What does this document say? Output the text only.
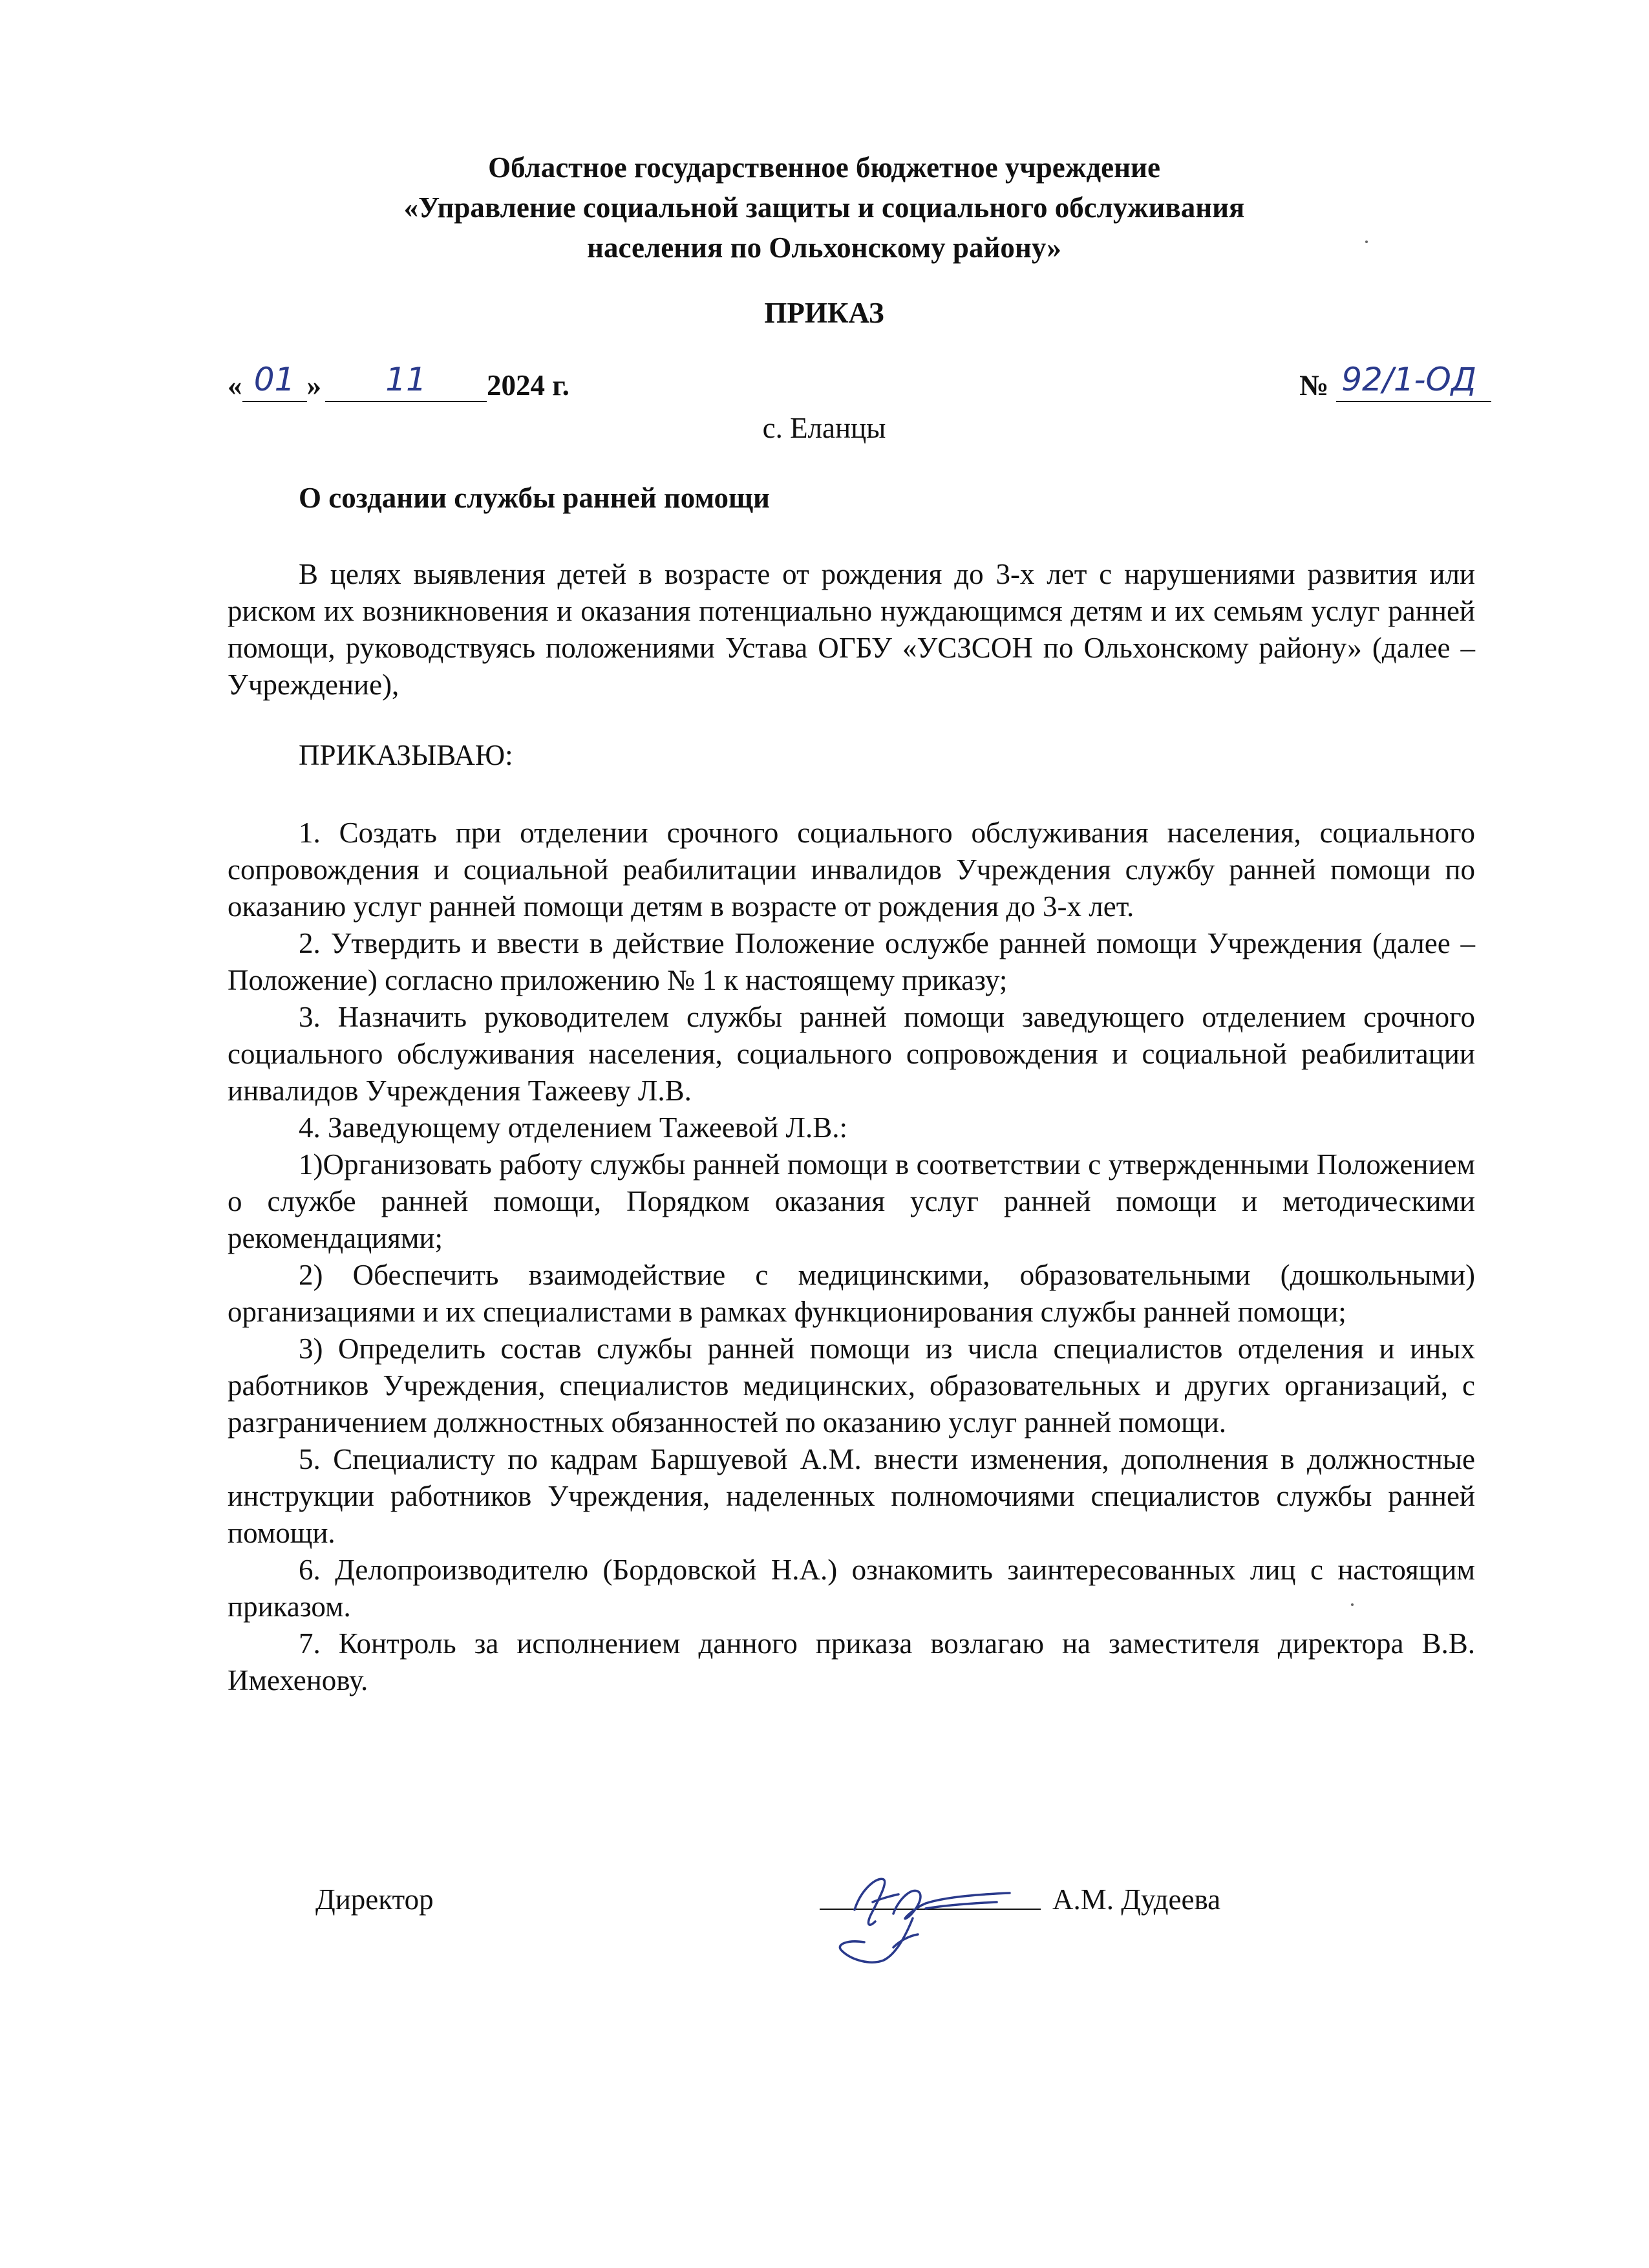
Областное государственное бюджетное учреждение
«Управление социальной защиты и социального обслуживания
населения по Ольхонскому району»
ПРИКАЗ
« 01 »	11	2024 г.	№ 92/1-ОД
с. Еланцы
О создании службы ранней помощи

В целях выявления детей в возрасте от рождения до 3-х лет с нарушениями развития или риском их возникновения и оказания потенциально нуждающимся детям и их семьям услуг ранней помощи, руководствуясь положениями Устава ОГБУ «УСЗСОН по Ольхонскому району» (далее – Учреждение),

ПРИКАЗЫВАЮ:

1. Создать при отделении срочного социального обслуживания населения, социального сопровождения и социальной реабилитации инвалидов Учреждения службу ранней помощи по оказанию услуг ранней помощи детям в возрасте от рождения до 3-х лет.

2. Утвердить и ввести в действие Положение ослужбе ранней помощи Учреждения (далее – Положение) согласно приложению № 1 к настоящему приказу;

3. Назначить руководителем службы ранней помощи заведующего отделением срочного социального обслуживания населения, социального сопровождения и социальной реабилитации инвалидов Учреждения Тажееву Л.В.

4. Заведующему отделением Тажеевой Л.В.:

1)Организовать работу службы ранней помощи в соответствии с утвержденными Положением о службе ранней помощи, Порядком оказания услуг ранней помощи и методическими рекомендациями;

2) Обеспечить взаимодействие с медицинскими, образовательными (дошкольными) организациями и их специалистами в рамках функционирования службы ранней помощи;

3) Определить состав службы ранней помощи из числа специалистов отделения и иных работников Учреждения, специалистов медицинских, образовательных и других организаций, с разграничением должностных обязанностей по оказанию услуг ранней помощи.

5. Специалисту по кадрам Баршуевой А.М. внести изменения, дополнения в должностные инструкции работников Учреждения, наделенных полномочиями специалистов службы ранней помощи.

6. Делопроизводителю (Бордовской Н.А.) ознакомить заинтересованных лиц с настоящим приказом.

7. Контроль за исполнением данного приказа возлагаю на заместителя директора В.В. Имехенову.

Директор	А.М. Дудеева
